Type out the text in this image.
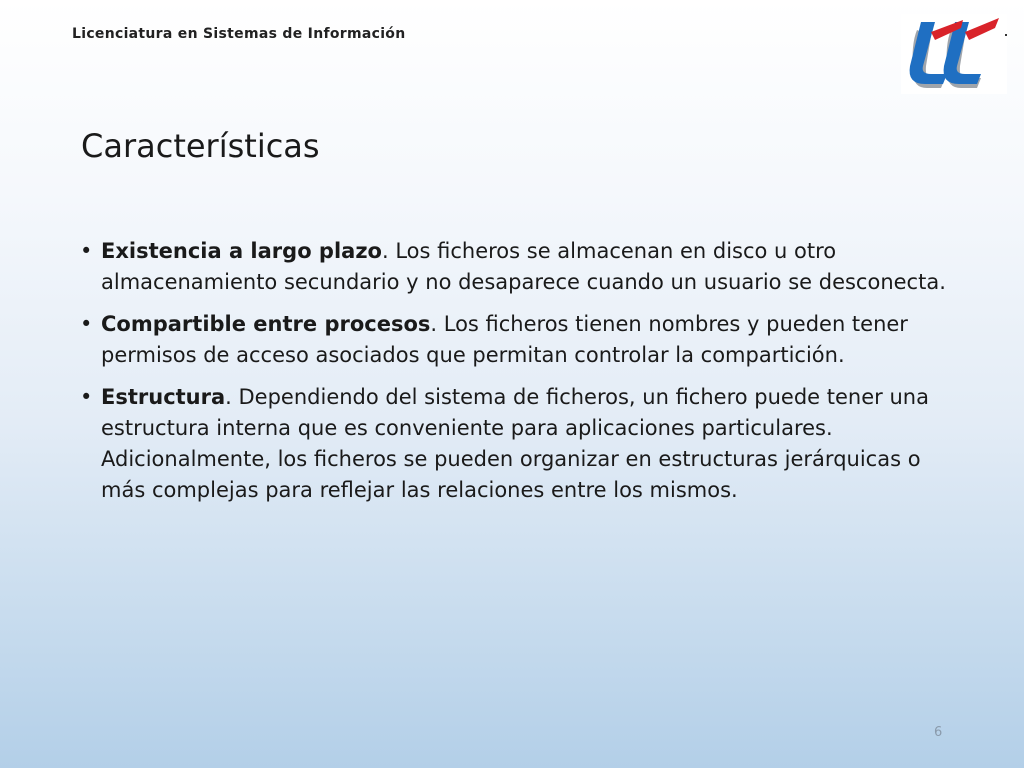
Licenciatura en Sistemas de Información
Características
• Existencia a largo plazo. Los ficheros se almacenan en disco u otro almacenamiento secundario y no desaparece cuando un usuario se desconecta.
• Compartible entre procesos. Los ficheros tienen nombres y pueden tener permisos de acceso asociados que permitan controlar la compartición.
• Estructura. Dependiendo del sistema de ficheros, un fichero puede tener una estructura interna que es conveniente para aplicaciones particulares. Adicionalmente, los ficheros se pueden organizar en estructuras jerárquicas o más complejas para reflejar las relaciones entre los mismos.
6
